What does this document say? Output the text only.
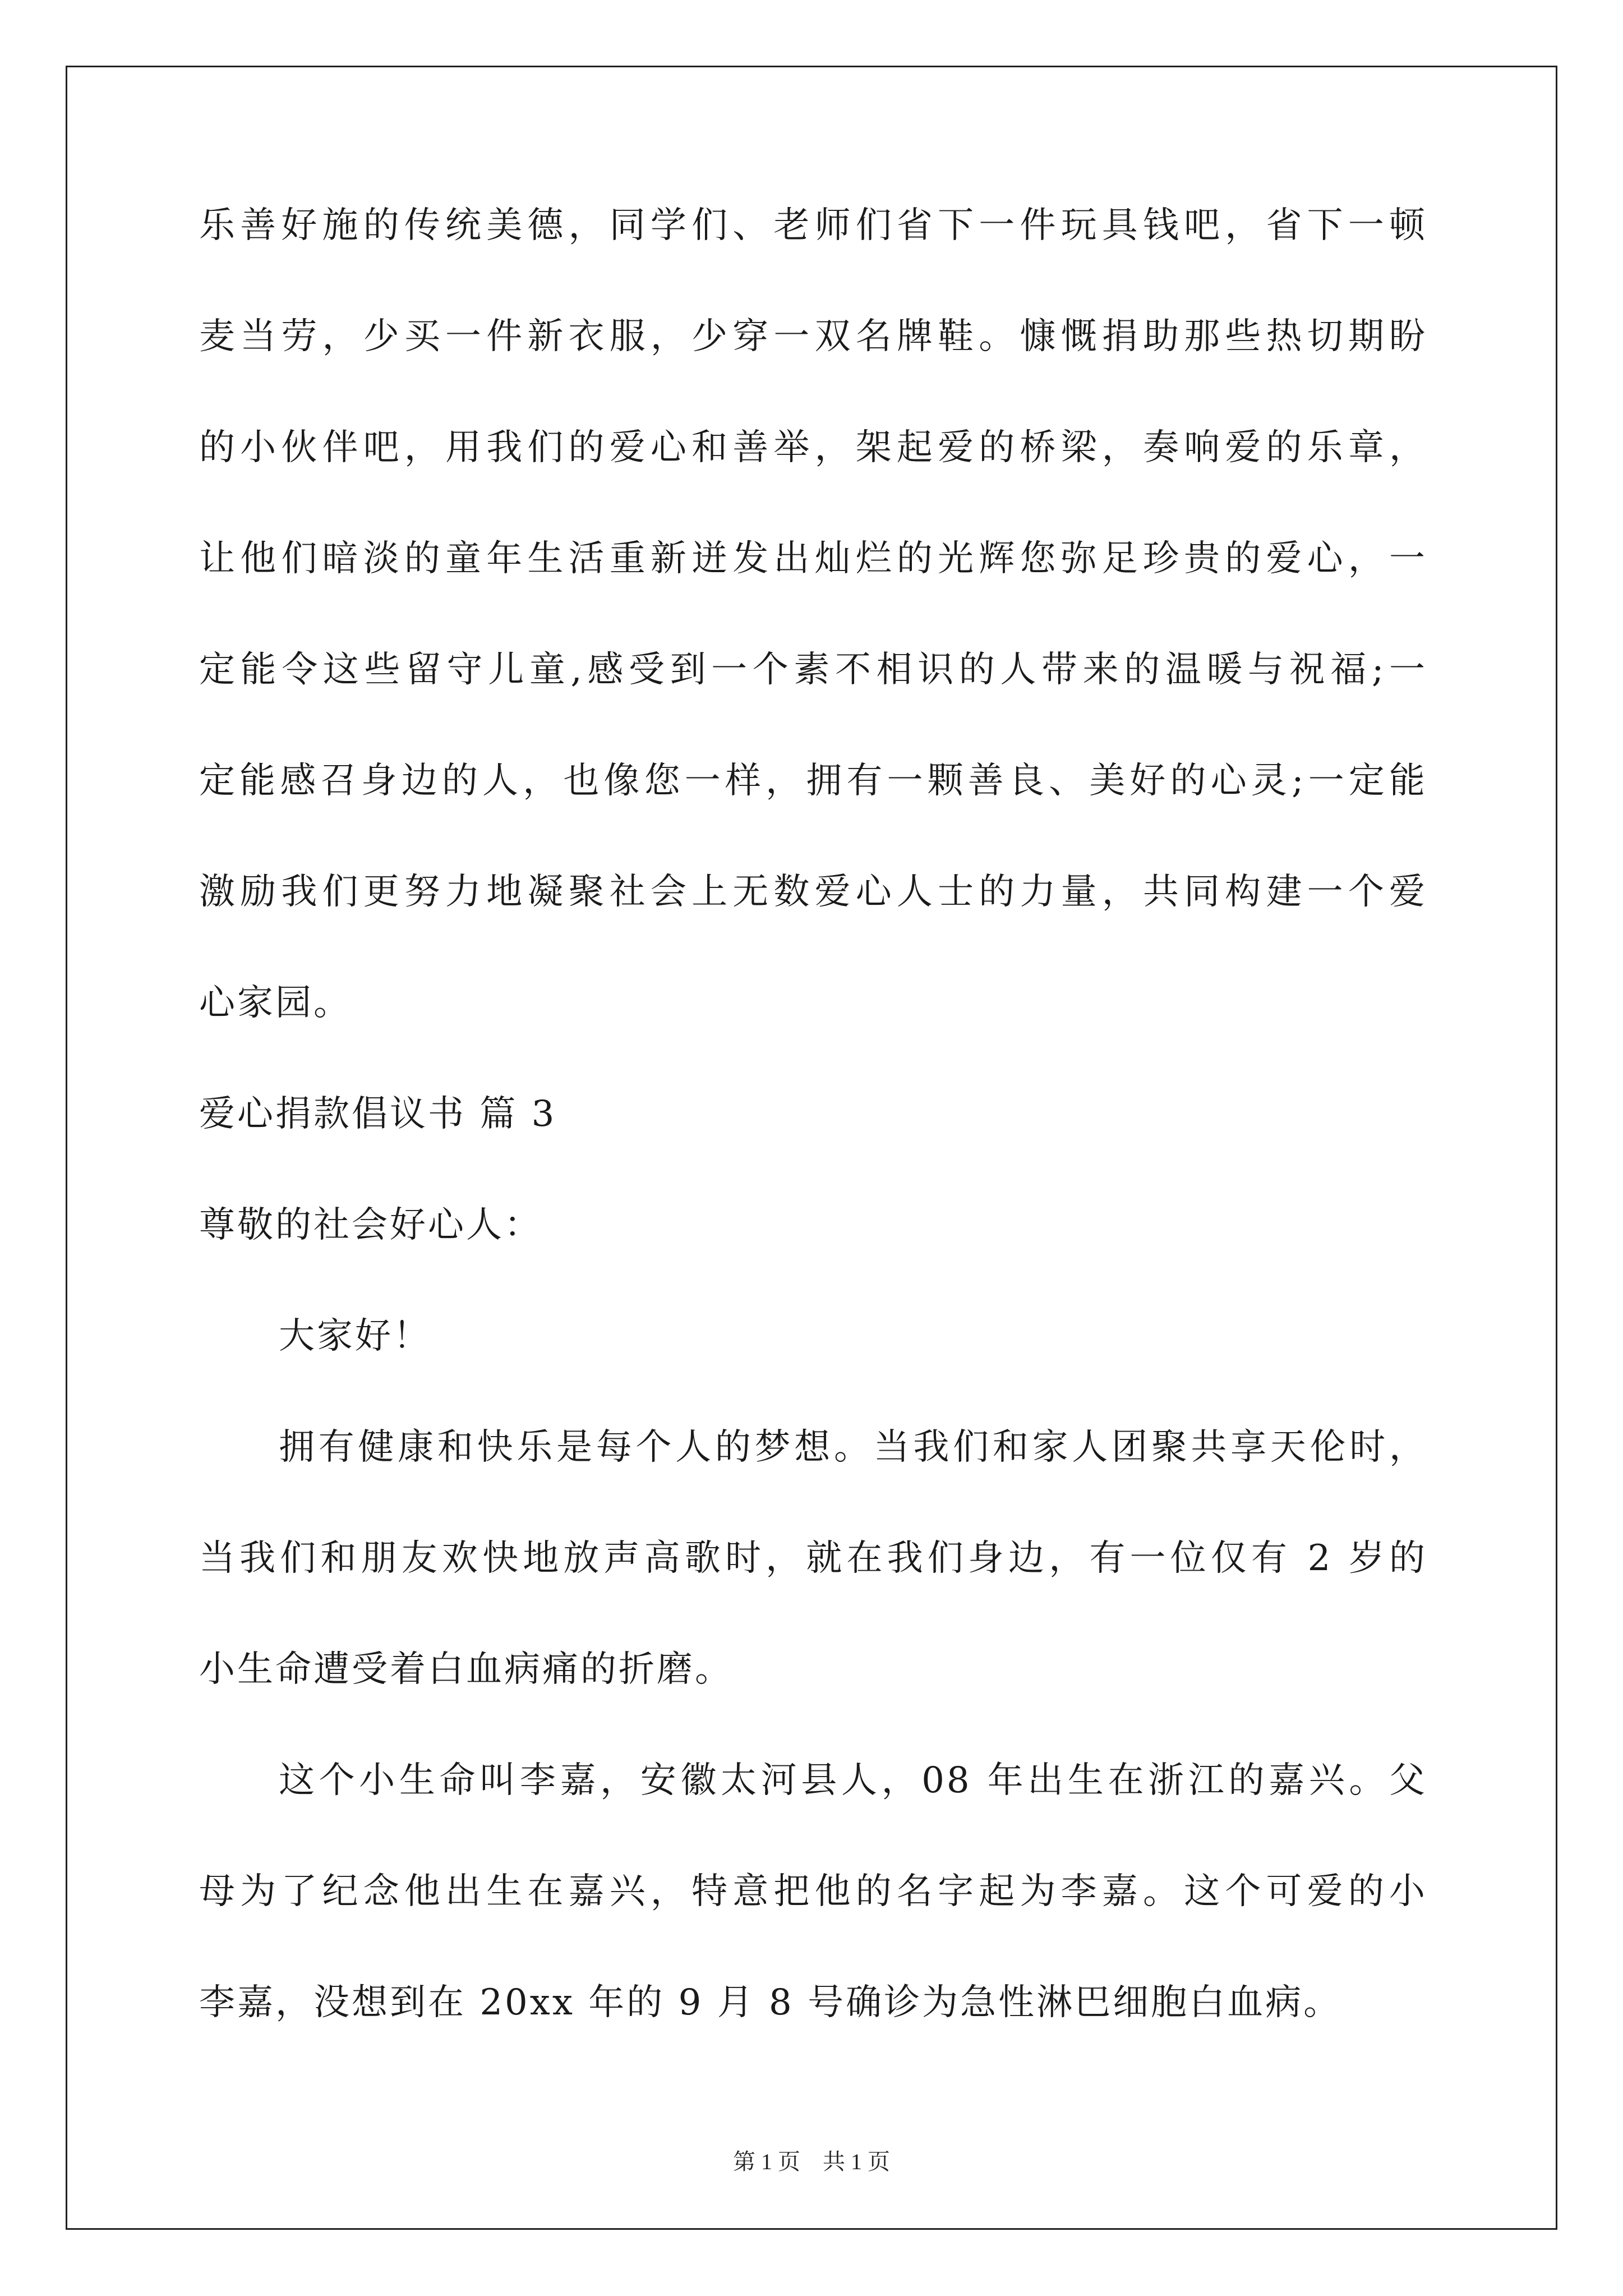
乐善好施的传统美德，同学们、老师们省下一件玩具钱吧，省下一顿
麦当劳，少买一件新衣服，少穿一双名牌鞋。慷慨捐助那些热切期盼
的小伙伴吧，用我们的爱心和善举，架起爱的桥梁，奏响爱的乐章，
让他们暗淡的童年生活重新迸发出灿烂的光辉您弥足珍贵的爱心，一
定能令这些留守儿童,感受到一个素不相识的人带来的温暖与祝福;一
定能感召身边的人，也像您一样，拥有一颗善良、美好的心灵;一定能
激励我们更努力地凝聚社会上无数爱心人士的力量，共同构建一个爱
心家园。
爱心捐款倡议书 篇 3
尊敬的社会好心人：
大家好！
拥有健康和快乐是每个人的梦想。当我们和家人团聚共享天伦时，
当我们和朋友欢快地放声高歌时，就在我们身边，有一位仅有 2 岁的
小生命遭受着白血病痛的折磨。
这个小生命叫李嘉，安徽太河县人，08 年出生在浙江的嘉兴。父
母为了纪念他出生在嘉兴，特意把他的名字起为李嘉。这个可爱的小
李嘉，没想到在 20xx 年的 9 月 8 号确诊为急性淋巴细胞白血病。
第 1 页    共 1 页
